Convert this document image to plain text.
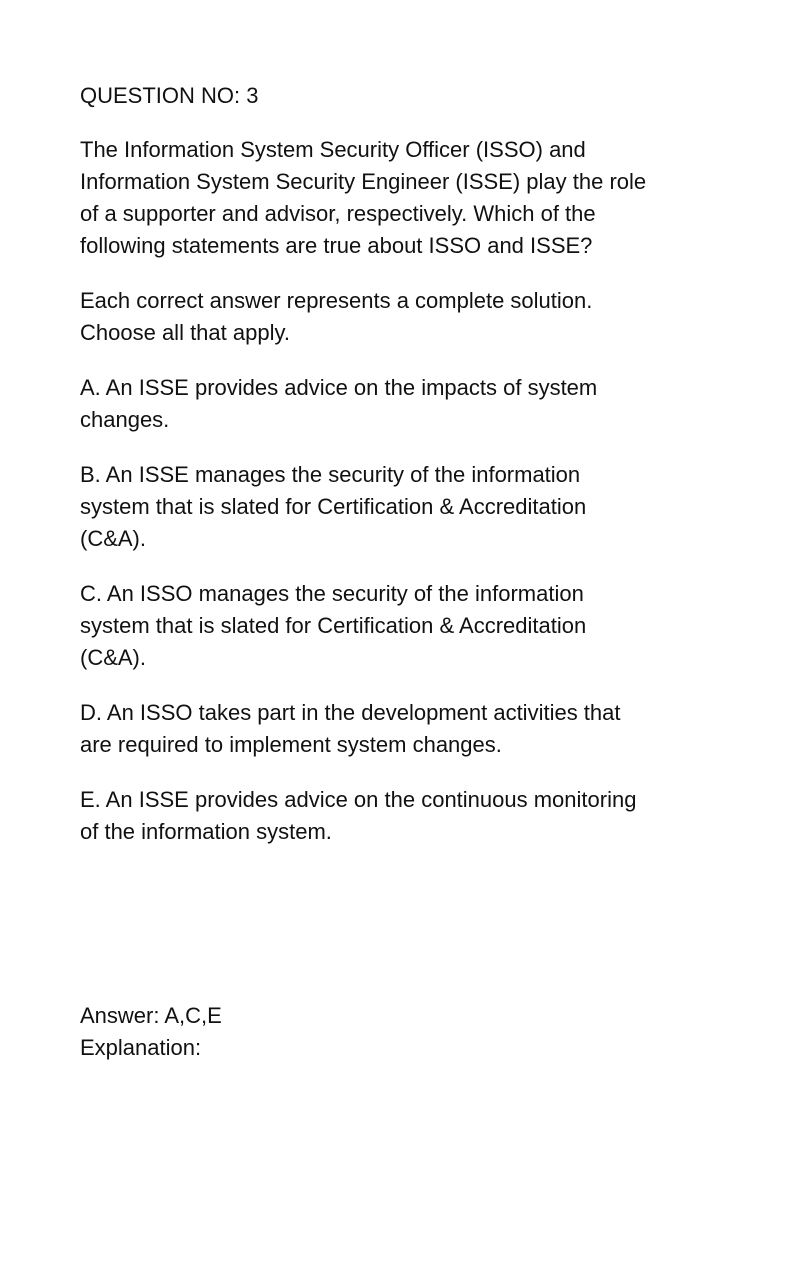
QUESTION NO: 3
The Information System Security Officer (ISSO) and
Information System Security Engineer (ISSE) play the role
of a supporter and advisor, respectively. Which of the
following statements are true about ISSO and ISSE?
Each correct answer represents a complete solution.
Choose all that apply.
A. An ISSE provides advice on the impacts of system
changes.
B. An ISSE manages the security of the information
system that is slated for Certification & Accreditation
(C&A).
C. An ISSO manages the security of the information
system that is slated for Certification & Accreditation
(C&A).
D. An ISSO takes part in the development activities that
are required to implement system changes.
E. An ISSE provides advice on the continuous monitoring
of the information system.
Answer: A,C,E
Explanation:
